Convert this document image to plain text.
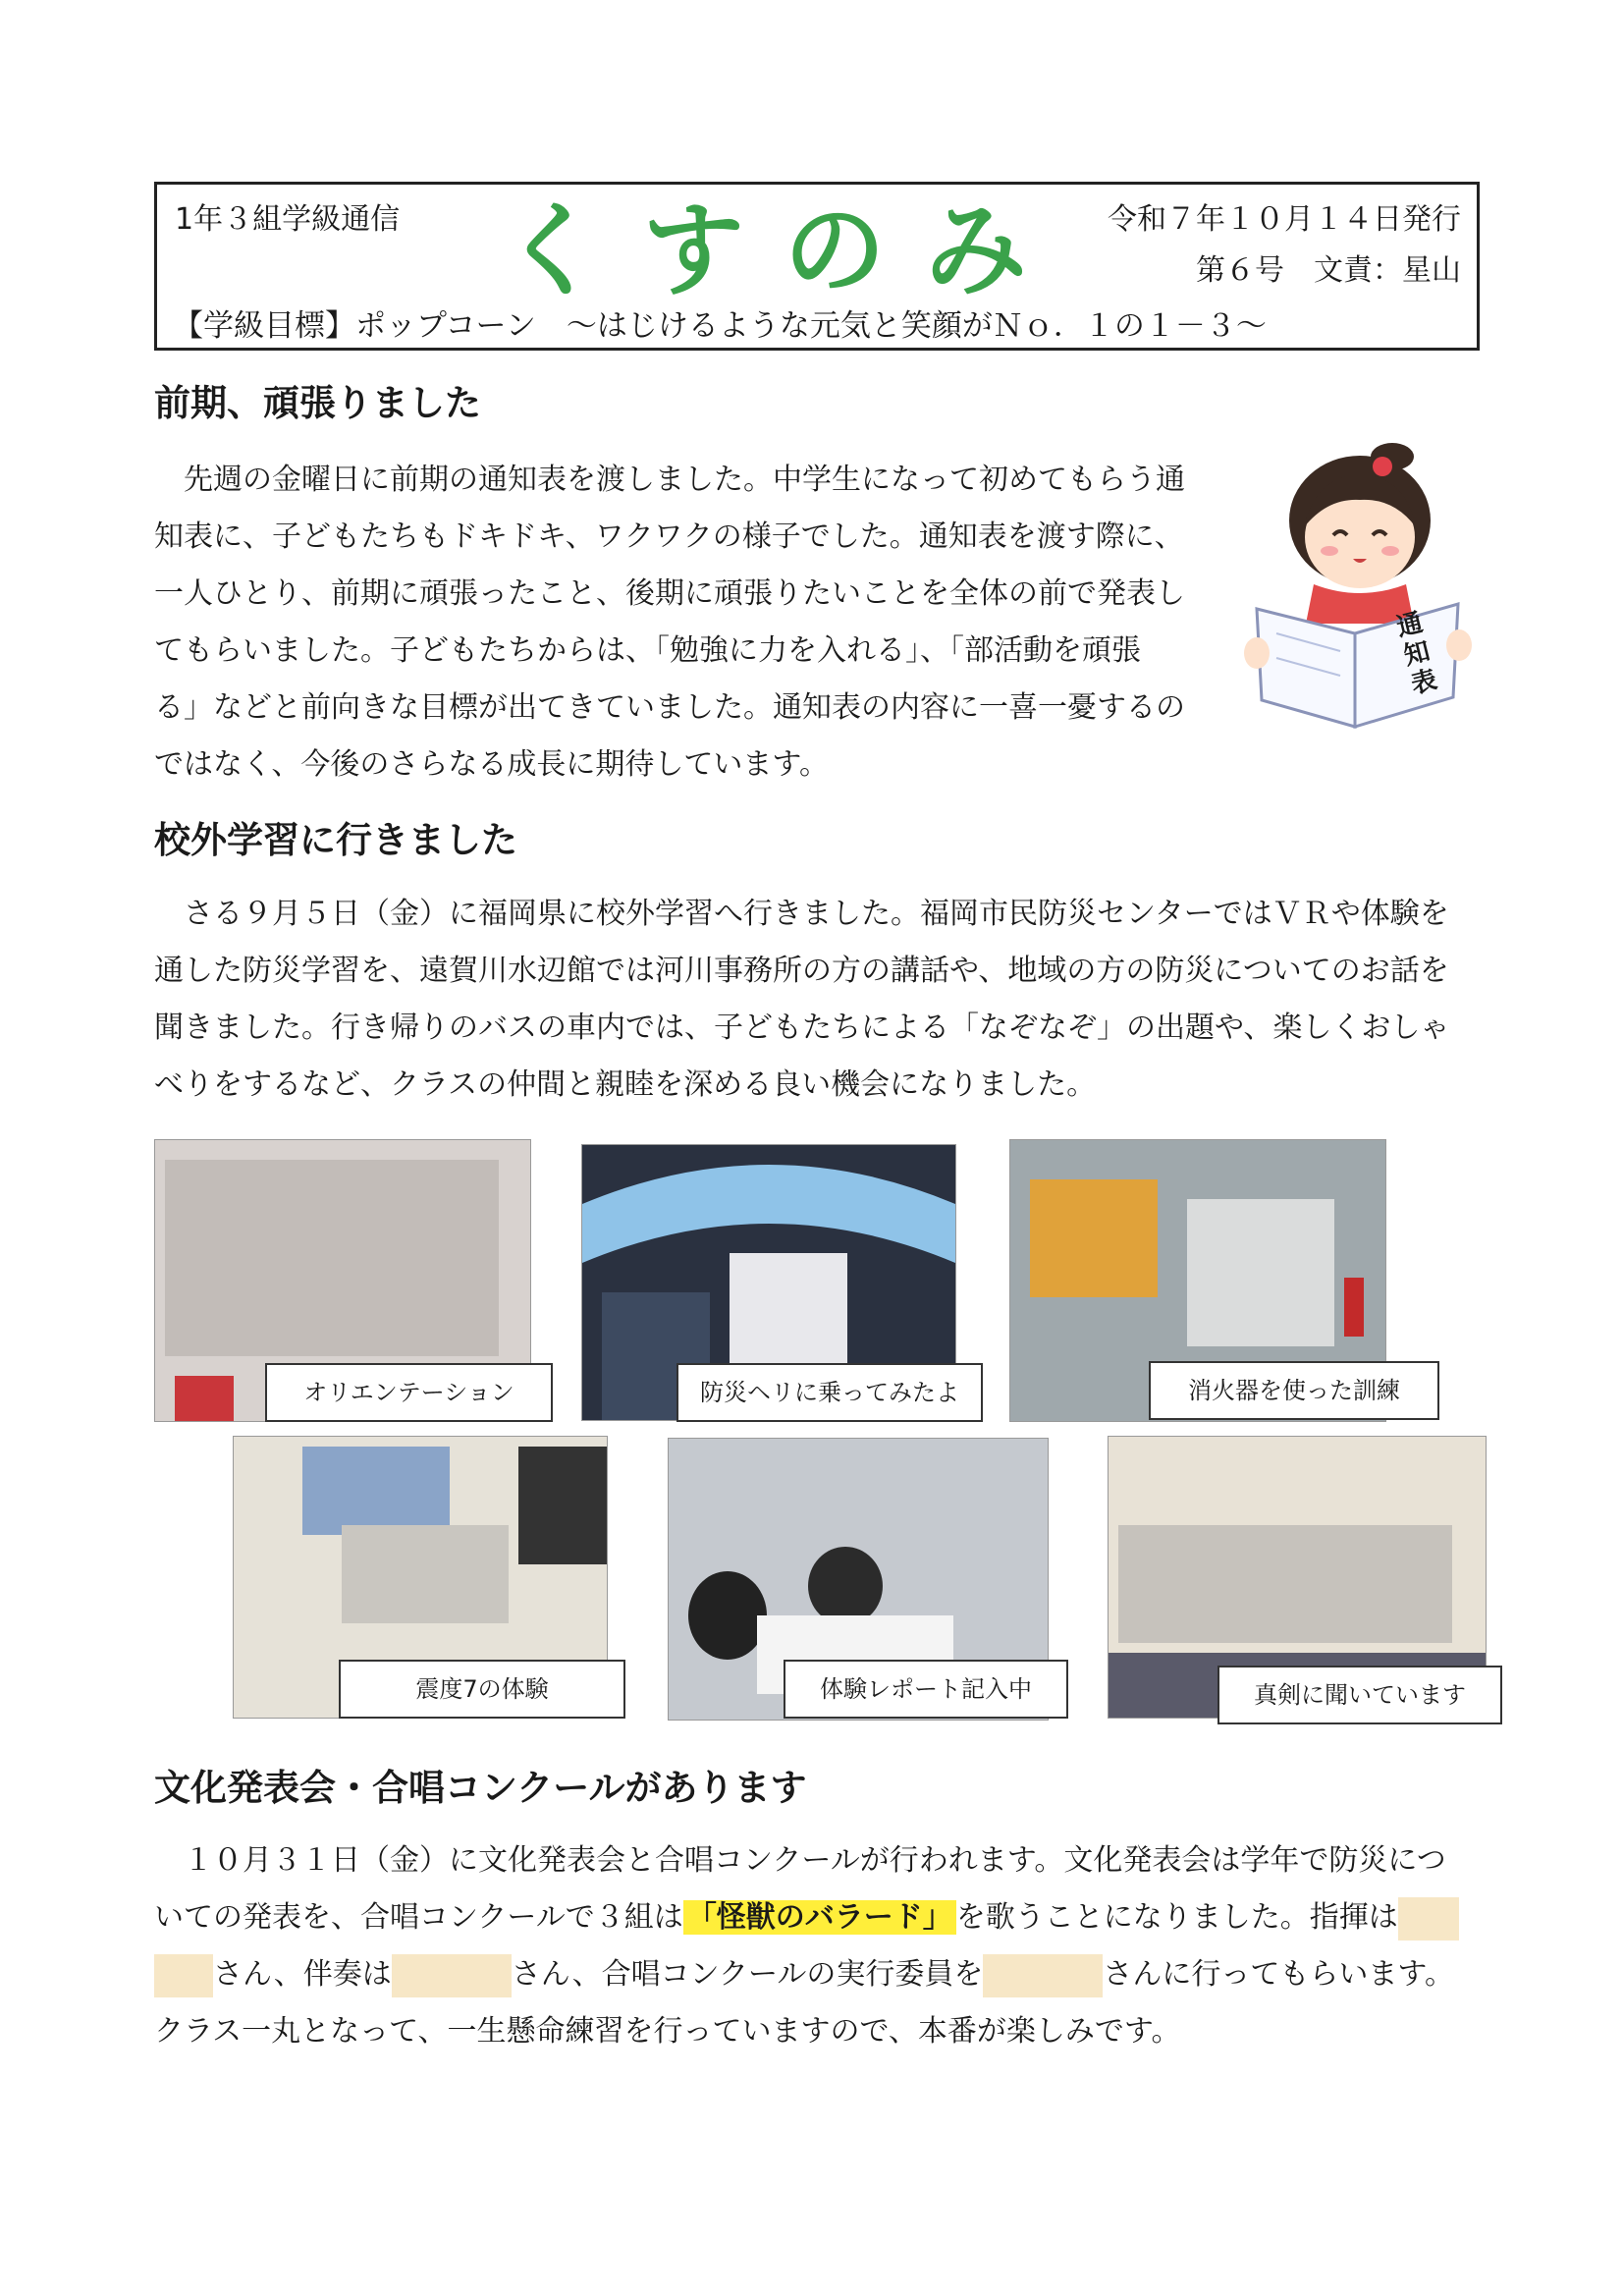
1年３組学級通信 くすのみ 令和７年１０月１４日発行
第６号　文責：星山
【学級目標】ポップコーン　～はじけるような元気と笑顔がＮｏ．１の１－３～
前期、頑張りました
　先週の金曜日に前期の通知表を渡しました。中学生になって初めてもらう通
知表に、子どもたちもドキドキ、ワクワクの様子でした。通知表を渡す際に、
一人ひとり、前期に頑張ったこと、後期に頑張りたいことを全体の前で発表し
てもらいました。子どもたちからは、「勉強に力を入れる」、「部活動を頑張
る」などと前向きな目標が出てきていました。通知表の内容に一喜一憂するの
ではなく、今後のさらなる成長に期待しています。
通知表
校外学習に行きました
　さる９月５日（金）に福岡県に校外学習へ行きました。福岡市民防災センターではＶＲや体験を
通した防災学習を、遠賀川水辺館では河川事務所の方の講話や、地域の方の防災についてのお話を
聞きました。行き帰りのバスの車内では、子どもたちによる「なぞなぞ」の出題や、楽しくおしゃ
べりをするなど、クラスの仲間と親睦を深める良い機会になりました。
オリエンテーション	防災ヘリに乗ってみたよ	消火器を使った訓練
震度7の体験	体験レポート記入中	真剣に聞いています
文化発表会・合唱コンクールがあります
　１０月３１日（金）に文化発表会と合唱コンクールが行われます。文化発表会は学年で防災につ
いての発表を、合唱コンクールで３組は 「怪獣のバラード」 を歌うことになりました。指揮は
さん、伴奏は	さん、合唱コンクールの実行委員を	さんに行ってもらいます。
クラス一丸となって、一生懸命練習を行っていますので、本番が楽しみです。
